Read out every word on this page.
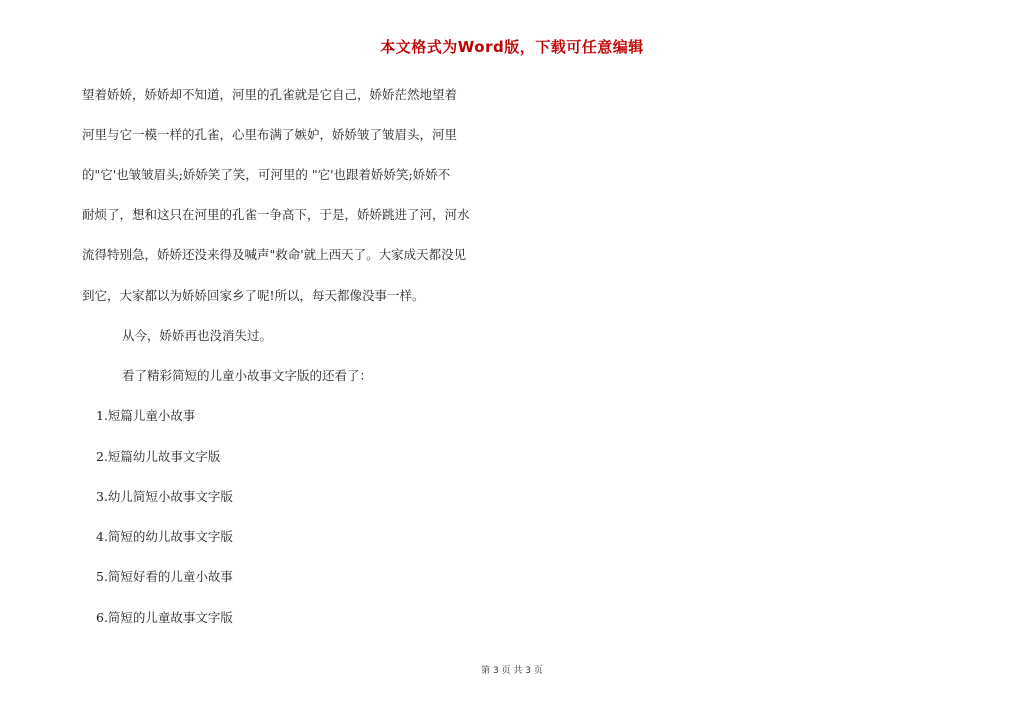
本文格式为Word版，下载可任意编辑
望着娇娇，娇娇却不知道，河里的孔雀就是它自己，娇娇茫然地望着
河里与它一模一样的孔雀，心里布满了嫉妒，娇娇皱了皱眉头，河里
的"它'也皱皱眉头;娇娇笑了笑，可河里的 "它'也跟着娇娇笑;娇娇不
耐烦了，想和这只在河里的孔雀一争高下，于是，娇娇跳进了河，河水
流得特别急，娇娇还没来得及喊声"救命'就上西天了。大家成天都没见
到它，大家都以为娇娇回家乡了呢!所以，每天都像没事一样。
从今，娇娇再也没消失过。
看了精彩简短的儿童小故事文字版的还看了：
1.短篇儿童小故事
2.短篇幼儿故事文字版
3.幼儿简短小故事文字版
4.简短的幼儿故事文字版
5.简短好看的儿童小故事
6.简短的儿童故事文字版
第 3 页 共 3 页
